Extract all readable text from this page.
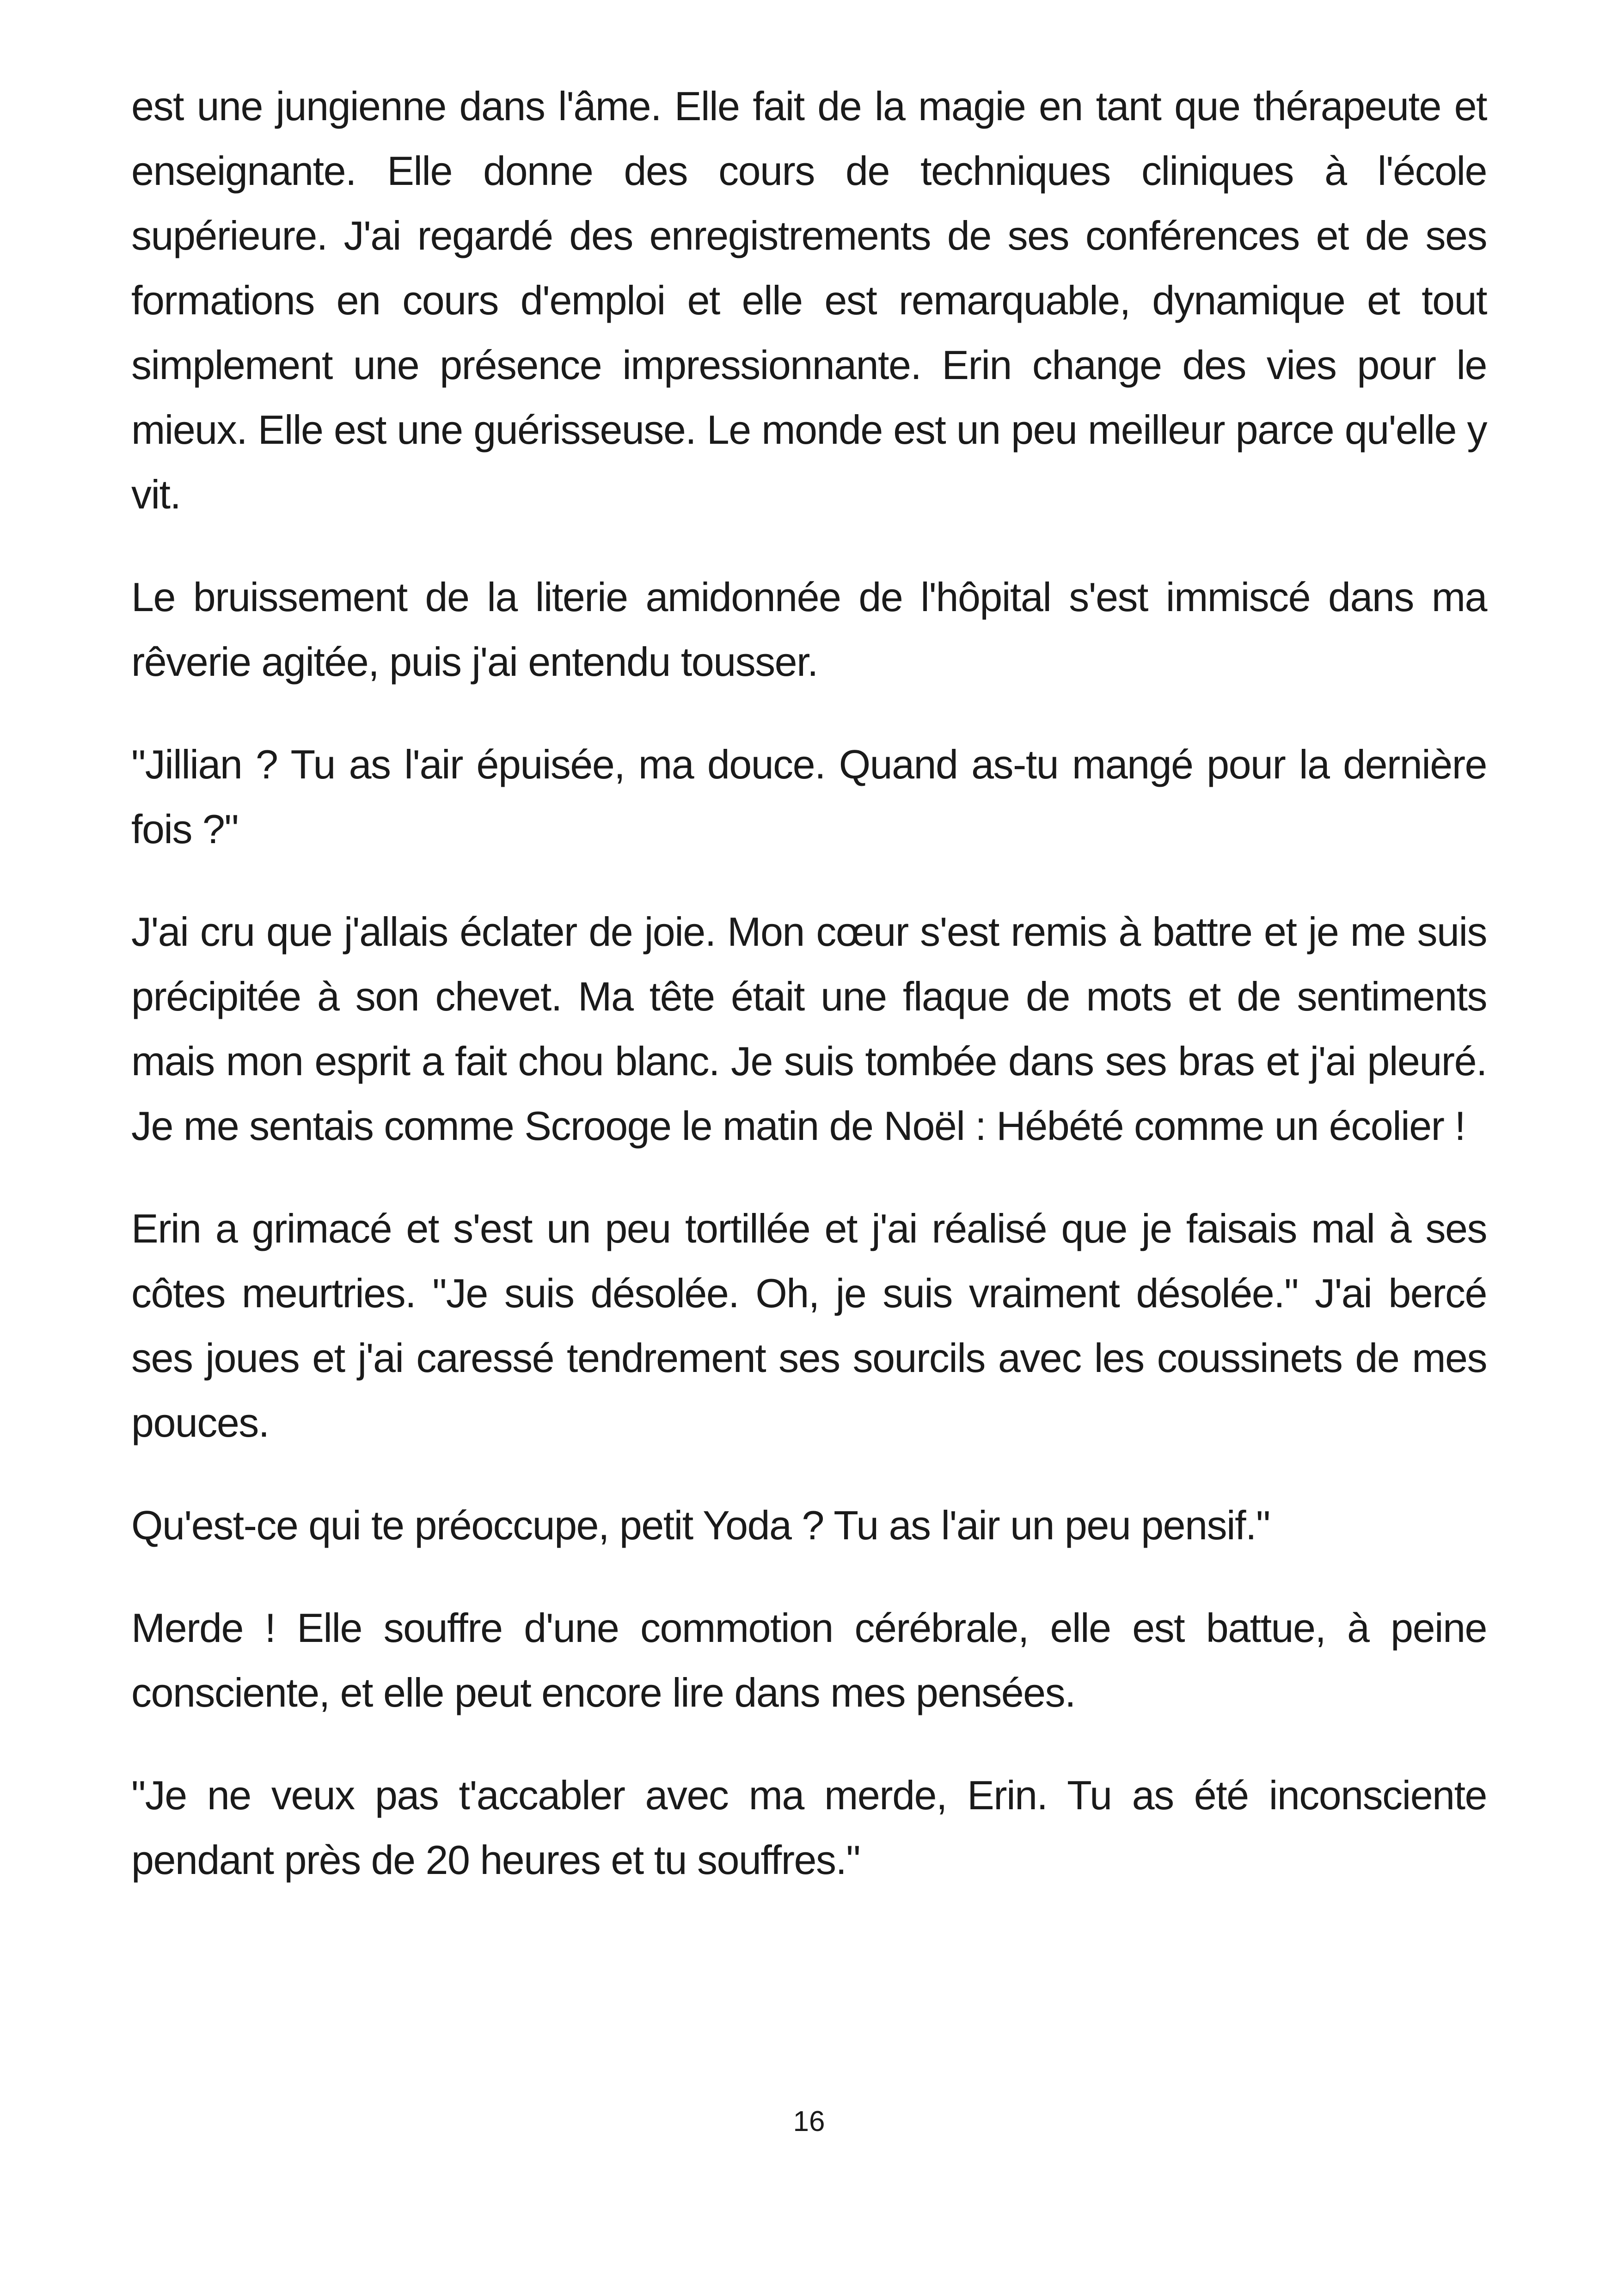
est une jungienne dans l'âme. Elle fait de la magie en tant que thérapeute et enseignante. Elle donne des cours de techniques cliniques à l'école supérieure. J'ai regardé des enregistrements de ses conférences et de ses formations en cours d'emploi et elle est remarquable, dynamique et tout simplement une présence impressionnante. Erin change des vies pour le mieux. Elle est une guérisseuse. Le monde est un peu meilleur parce qu'elle y vit.

Le bruissement de la literie amidonnée de l'hôpital s'est immiscé dans ma rêverie agitée, puis j'ai entendu tousser.

"Jillian ? Tu as l'air épuisée, ma douce. Quand as-tu mangé pour la dernière fois ?"

J'ai cru que j'allais éclater de joie. Mon cœur s'est remis à battre et je me suis précipitée à son chevet. Ma tête était une flaque de mots et de sentiments mais mon esprit a fait chou blanc. Je suis tombée dans ses bras et j'ai pleuré. Je me sentais comme Scrooge le matin de Noël : Hébété comme un écolier !

Erin a grimacé et s'est un peu tortillée et j'ai réalisé que je faisais mal à ses côtes meurtries. "Je suis désolée. Oh, je suis vraiment désolée." J'ai bercé ses joues et j'ai caressé tendrement ses sourcils avec les coussinets de mes pouces.

Qu'est-ce qui te préoccupe, petit Yoda ? Tu as l'air un peu pensif."

Merde ! Elle souffre d'une commotion cérébrale, elle est battue, à peine consciente, et elle peut encore lire dans mes pensées.

"Je ne veux pas t'accabler avec ma merde, Erin. Tu as été inconsciente pendant près de 20 heures et tu souffres."

16
